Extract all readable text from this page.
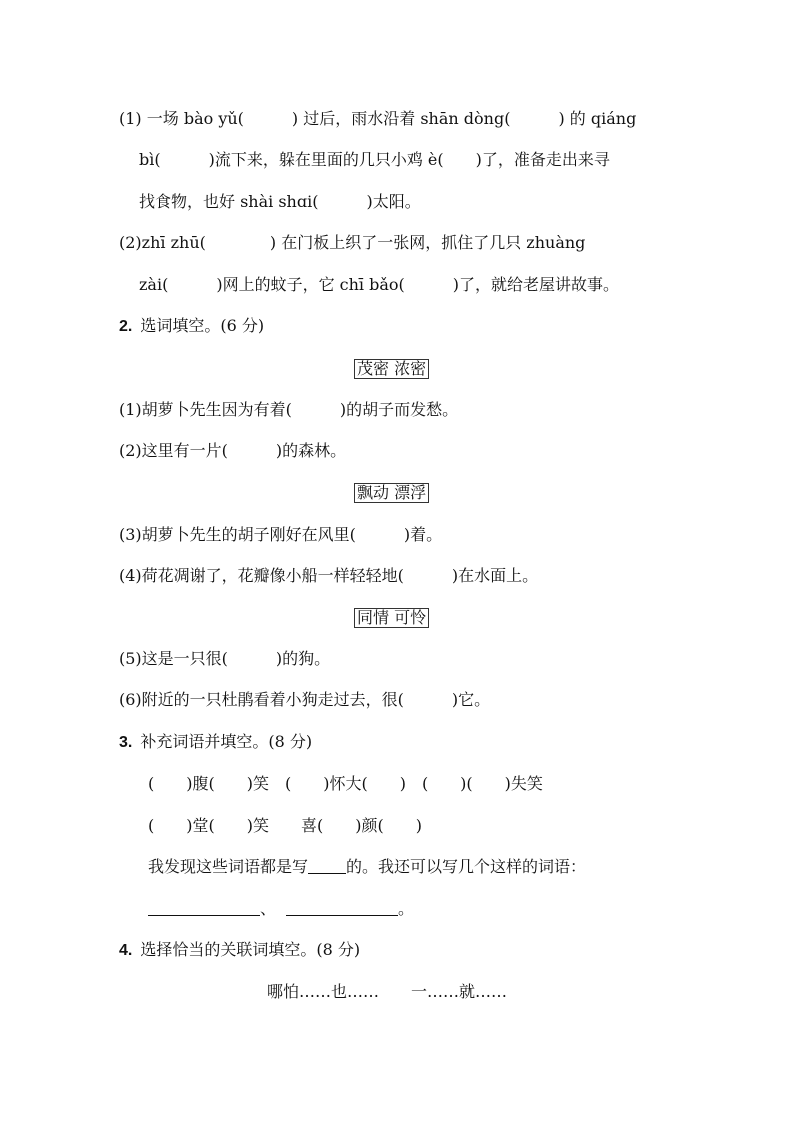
(1) 一场 bào yǔ(　　　) 过后，雨水沿着 shān dòng(　　　) 的 qiáng
bì(　　　)流下来，躲在里面的几只小鸡 è(　　)了，准备走出来寻
找食物，也好 shài shɑi(　　　)太阳。
(2)zhī zhū(　　　　) 在门板上织了一张网，抓住了几只 zhuàng
zài(　　　)网上的蚊子，它 chī bǎo(　　　)了，就给老屋讲故事。
2. 选词填空。(6 分)
茂密 浓密
(1)胡萝卜先生因为有着(　　　)的胡子而发愁。
(2)这里有一片(　　　)的森林。
飘动 漂浮
(3)胡萝卜先生的胡子刚好在风里(　　　)着。
(4)荷花凋谢了，花瓣像小船一样轻轻地(　　　)在水面上。
同情 可怜
(5)这是一只很(　　　)的狗。
(6)附近的一只杜鹃看着小狗走过去，很(　　　)它。
3. 补充词语并填空。(8 分)
(　　)腹(　　)笑　(　　)怀大(　　)　(　　)(　　)失笑
(　　)堂(　　)笑　　喜(　　)颜(　　)
我发现这些词语都是写 的。我还可以写几个这样的词语：
、	。
4. 选择恰当的关联词填空。(8 分)
哪怕……也……　　一……就……
